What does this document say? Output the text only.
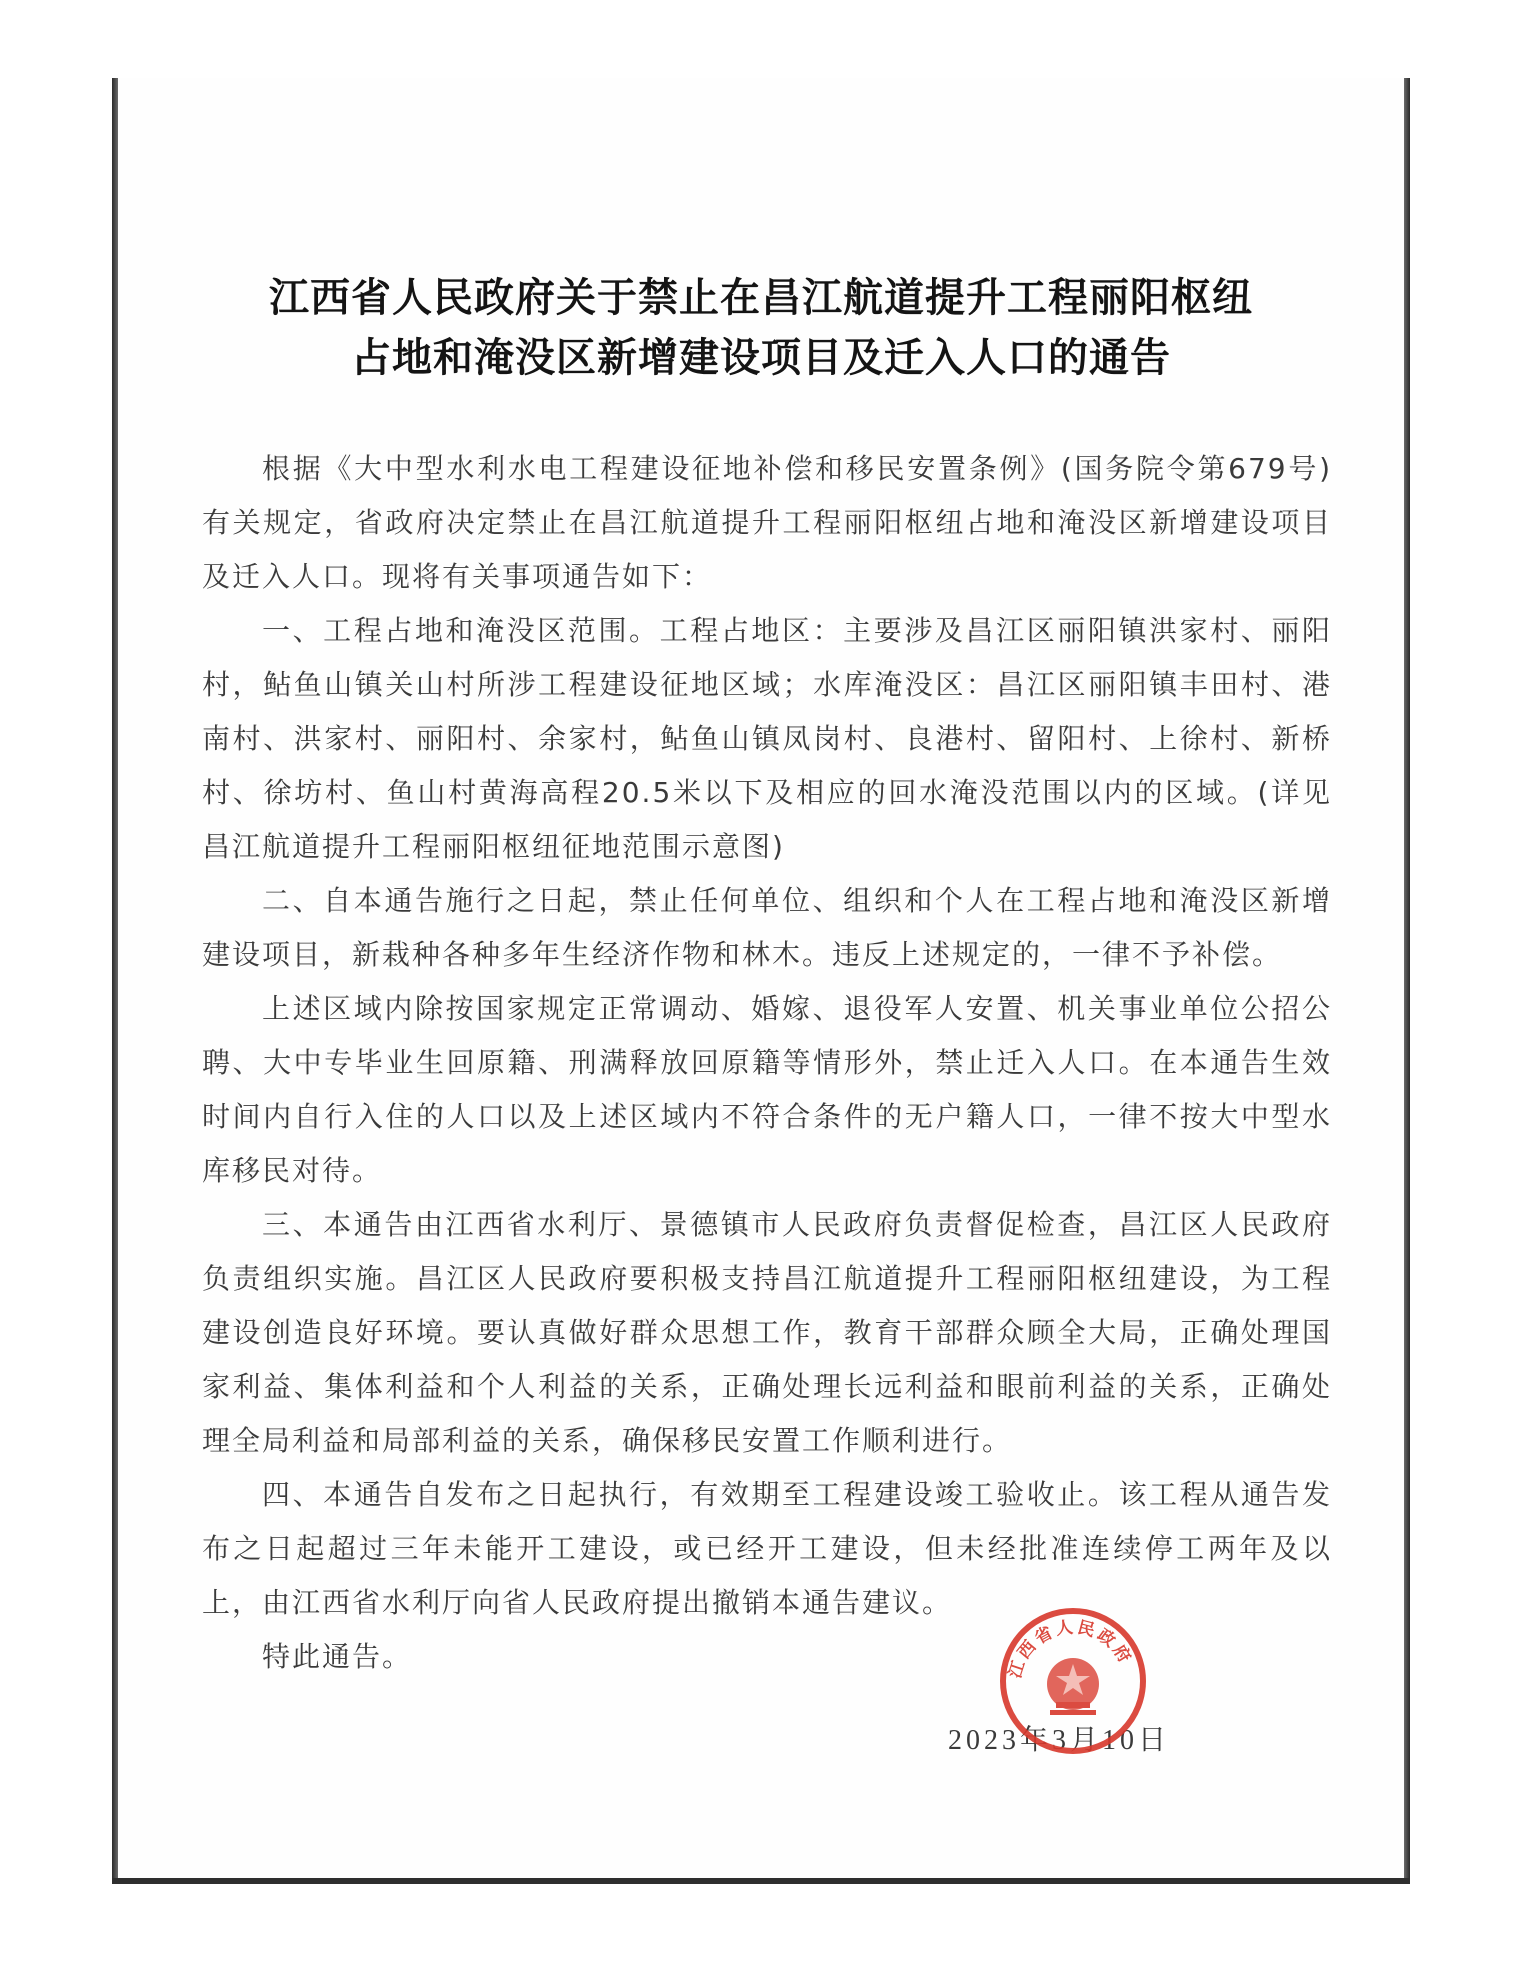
江西省人民政府关于禁止在昌江航道提升工程丽阳枢纽
占地和淹没区新增建设项目及迁入人口的通告

根据《大中型水利水电工程建设征地补偿和移民安置条例》(国务院令第679号)有关规定，省政府决定禁止在昌江航道提升工程丽阳枢纽占地和淹没区新增建设项目及迁入人口。现将有关事项通告如下：

一、工程占地和淹没区范围。工程占地区：主要涉及昌江区丽阳镇洪家村、丽阳村，鲇鱼山镇关山村所涉工程建设征地区域；水库淹没区：昌江区丽阳镇丰田村、港南村、洪家村、丽阳村、余家村，鲇鱼山镇凤岗村、良港村、留阳村、上徐村、新桥村、徐坊村、鱼山村黄海高程20.5米以下及相应的回水淹没范围以内的区域。(详见昌江航道提升工程丽阳枢纽征地范围示意图)

二、自本通告施行之日起，禁止任何单位、组织和个人在工程占地和淹没区新增建设项目，新栽种各种多年生经济作物和林木。违反上述规定的，一律不予补偿。

上述区域内除按国家规定正常调动、婚嫁、退役军人安置、机关事业单位公招公聘、大中专毕业生回原籍、刑满释放回原籍等情形外，禁止迁入人口。在本通告生效时间内自行入住的人口以及上述区域内不符合条件的无户籍人口，一律不按大中型水库移民对待。

三、本通告由江西省水利厅、景德镇市人民政府负责督促检查，昌江区人民政府负责组织实施。昌江区人民政府要积极支持昌江航道提升工程丽阳枢纽建设，为工程建设创造良好环境。要认真做好群众思想工作，教育干部群众顾全大局，正确处理国家利益、集体利益和个人利益的关系，正确处理长远利益和眼前利益的关系，正确处理全局利益和局部利益的关系，确保移民安置工作顺利进行。

四、本通告自发布之日起执行，有效期至工程建设竣工验收止。该工程从通告发布之日起超过三年未能开工建设，或已经开工建设，但未经批准连续停工两年及以上，由江西省水利厅向省人民政府提出撤销本通告建议。

特此通告。

2023年3月10日
江西省人民政府
